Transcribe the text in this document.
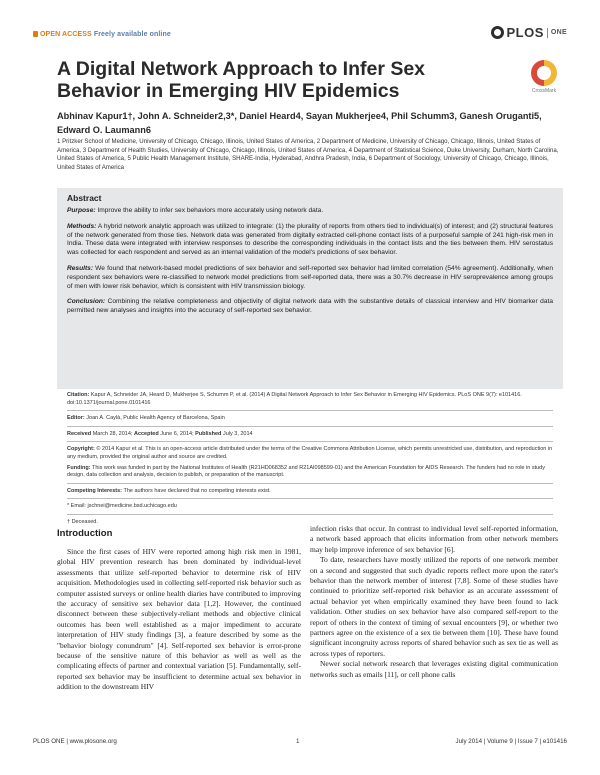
OPEN ACCESS Freely available online	PLOS ONE
A Digital Network Approach to Infer Sex Behavior in Emerging HIV Epidemics	CrossMark
Abhinav Kapur1†, John A. Schneider2,3*, Daniel Heard4, Sayan Mukherjee4, Phil Schumm3, Ganesh Oruganti5, Edward O. Laumann6
1 Pritzker School of Medicine, University of Chicago, Chicago, Illinois, United States of America, 2 Department of Medicine, University of Chicago, Chicago, Illinois, United States of America, 3 Department of Health Studies, University of Chicago, Chicago, Illinois, United States of America, 4 Department of Statistical Science, Duke University, Durham, North Carolina, United States of America, 5 Public Health Management Institute, SHARE-India, Hyderabad, Andhra Pradesh, India, 6 Department of Sociology, University of Chicago, Chicago, Illinois, United States of America
Abstract

Purpose: Improve the ability to infer sex behaviors more accurately using network data.

Methods: A hybrid network analytic approach was utilized to integrate: (1) the plurality of reports from others tied to individual(s) of interest; and (2) structural features of the network generated from those ties. Network data was generated from digitally extracted cell-phone contact lists of a purposeful sample of 241 high-risk men in India. These data were integrated with interview responses to describe the corresponding individuals in the contact lists and the ties between them. HIV serostatus was collected for each respondent and served as an internal validation of the model's predictions of sex behavior.

Results: We found that network-based model predictions of sex behavior and self-reported sex behavior had limited correlation (54% agreement). Additionally, when respondent sex behaviors were re-classified to network model predictions from self-reported data, there was a 30.7% decrease in HIV seroprevalence among groups of men with lower risk behavior, which is consistent with HIV transmission biology.

Conclusion: Combining the relative completeness and objectivity of digital network data with the substantive details of classical interview and HIV biomarker data permitted new analyses and insights into the accuracy of self-reported sex behavior.

Citation: Kapur A, Schneider JA, Heard D, Mukherjee S, Schumm P, et al. (2014) A Digital Network Approach to Infer Sex Behavior in Emerging HIV Epidemics. PLoS ONE 9(7): e101416. doi:10.1371/journal.pone.0101416

Editor: Joan A. Caylà, Public Health Agency of Barcelona, Spain

Received March 28, 2014; Accepted June 6, 2014; Published July 3, 2014

Copyright: © 2014 Kapur et al. This is an open-access article distributed under the terms of the Creative Commons Attribution License, which permits unrestricted use, distribution, and reproduction in any medium, provided the original author and source are credited.

Funding: This work was funded in part by the National Institutes of Health (R21HD068352 and R21AI098599-01) and the American Foundation for AIDS Research. The funders had no role in study design, data collection and analysis, decision to publish, or preparation of the manuscript.

Competing Interests: The authors have declared that no competing interests exist.

* Email: jschnei@medicine.bsd.uchicago.edu

† Deceased.

Introduction

Since the first cases of HIV were reported among high risk men in 1981, global HIV prevention research has been dominated by individual-level assessments that utilize self-reported behavior to determine risk of HIV acquisition. Methodologies used in collecting self-reported risk behavior such as computer assisted surveys or online health diaries have contributed to improving the accuracy of sensitive sex behavior data [1,2]. However, the continued disconnect between these subjectively-reliant methods and objective clinical outcomes has been well established as a major impediment to accurate interpretation of HIV study findings [3], a feature described by some as the "behavior biology conundrum" [4]. Self-reported sex behavior is error-prone because of the sensitive nature of this behavior as well as well as the complicating effects of partner and contextual variation [5]. Fundamentally, self-reported sex behavior may be insufficient to determine actual sex behavior in addition to the downstream HIV

infection risks that occur. In contrast to individual level self-reported information, a network based approach that elicits information from other network members may help improve inference of sex behavior [6].

To date, researchers have mostly utilized the reports of one network member on a second and suggested that such dyadic reports reflect more upon the rater's behavior than the network member of interest [7,8]. Some of these studies have continued to prioritize self-reported risk behavior as an accurate assessment of actual behavior yet when empirically examined they have been found to lack validation. Other studies on sex behavior have also compared self-report to the report of others in the context of timing of sexual encounters [9], or whether two partners agree on the existence of a sex tie between them [10]. These have found significant incongruity across reports of shared behavior such as sex tie as well as across types of reporters.

Newer social network research that leverages existing digital communication networks such as emails [11], or cell phone calls

PLOS ONE | www.plosone.org	1	July 2014 | Volume 9 | Issue 7 | e101416
